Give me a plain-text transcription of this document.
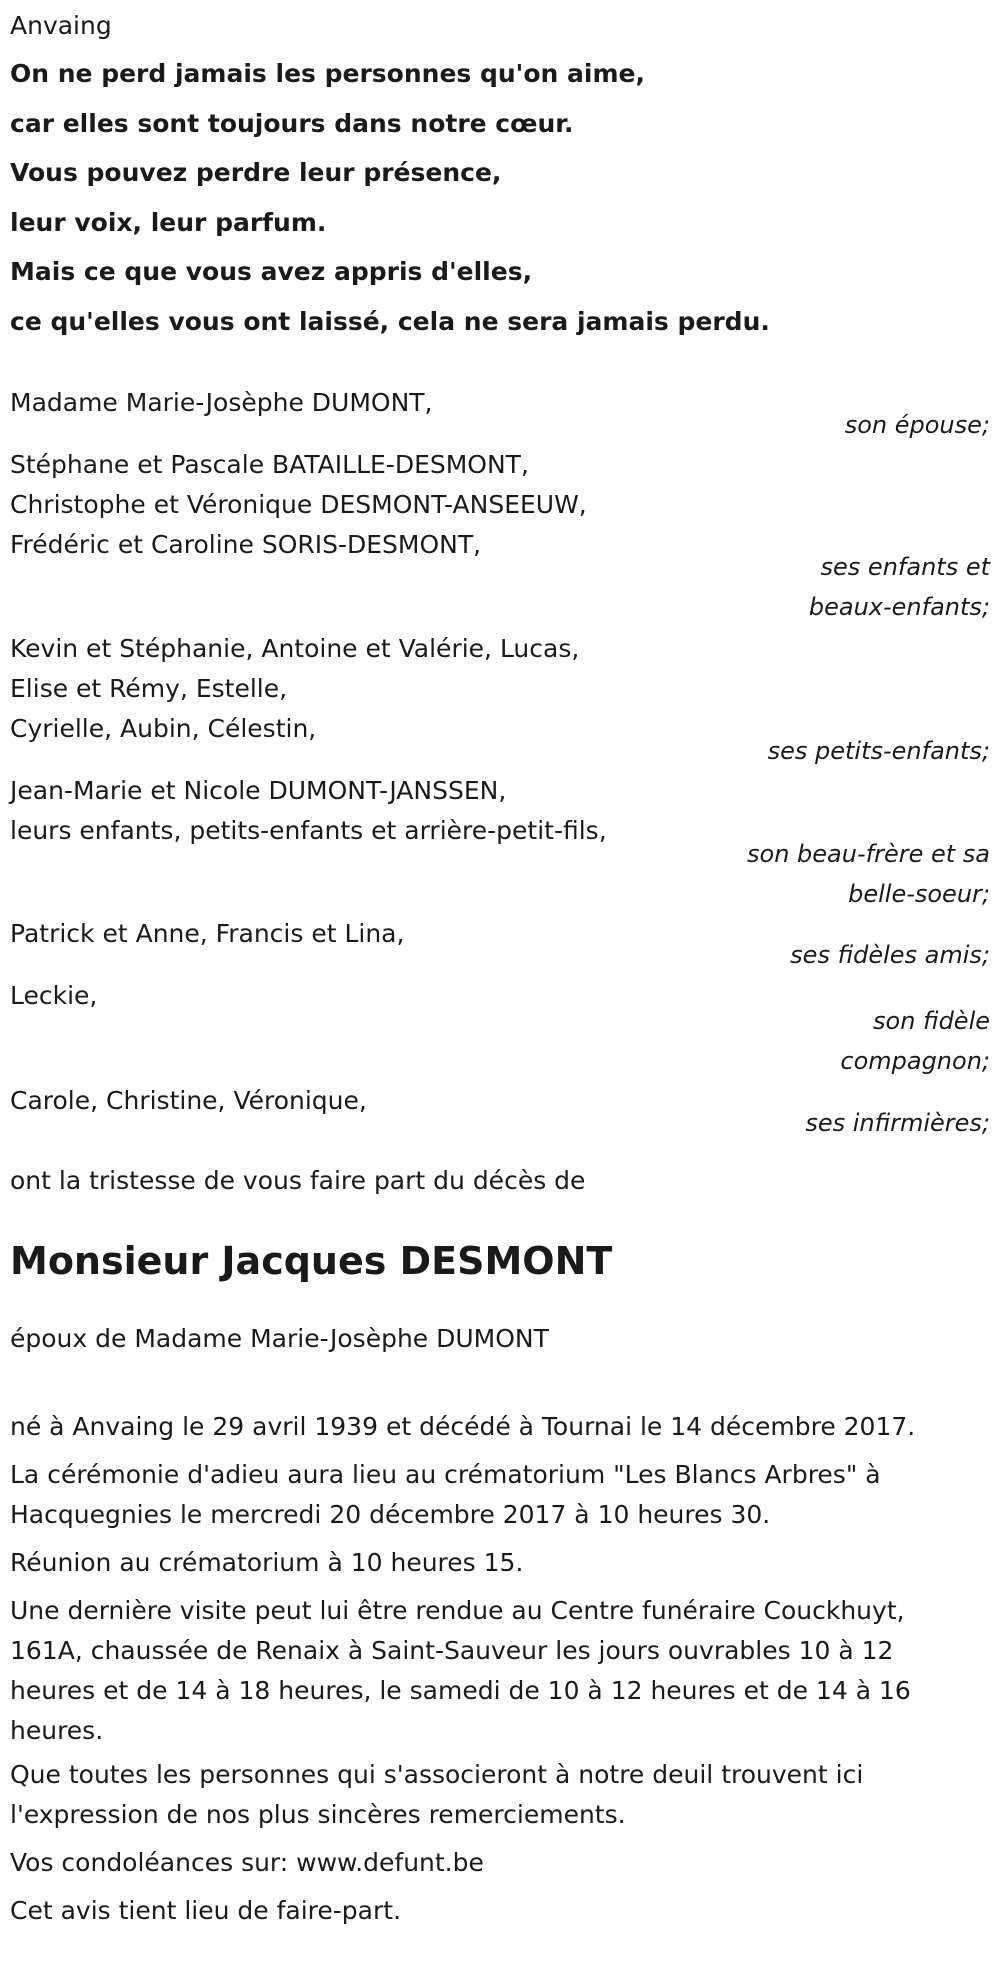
Anvaing
On ne perd jamais les personnes qu'on aime,
car elles sont toujours dans notre cœur.
Vous pouvez perdre leur présence,
leur voix, leur parfum.
Mais ce que vous avez appris d'elles,
ce qu'elles vous ont laissé, cela ne sera jamais perdu.
Madame Marie-Josèphe DUMONT,
son épouse;
Stéphane et Pascale BATAILLE-DESMONT,
Christophe et Véronique DESMONT-ANSEEUW,
Frédéric et Caroline SORIS-DESMONT,
ses enfants et
beaux-enfants;
Kevin et Stéphanie, Antoine et Valérie, Lucas,
Elise et Rémy, Estelle,
Cyrielle, Aubin, Célestin,
ses petits-enfants;
Jean-Marie et Nicole DUMONT-JANSSEN,
leurs enfants, petits-enfants et arrière-petit-fils,
son beau-frère et sa
belle-soeur;
Patrick et Anne, Francis et Lina,
ses fidèles amis;
Leckie,
son fidèle
compagnon;
Carole, Christine, Véronique,
ses infirmières;
ont la tristesse de vous faire part du décès de
Monsieur Jacques DESMONT
époux de Madame Marie-Josèphe DUMONT
né à Anvaing le 29 avril 1939 et décédé à Tournai le 14 décembre 2017.
La cérémonie d'adieu aura lieu au crématorium "Les Blancs Arbres" à Hacquegnies le mercredi 20 décembre 2017 à 10 heures 30.
Réunion au crématorium à 10 heures 15.
Une dernière visite peut lui être rendue au Centre funéraire Couckhuyt, 161A, chaussée de Renaix à Saint-Sauveur les jours ouvrables 10 à 12 heures et de 14 à 18 heures, le samedi de 10 à 12 heures et de 14 à 16 heures.
Que toutes les personnes qui s'associeront à notre deuil trouvent ici l'expression de nos plus sincères remerciements.
Vos condoléances sur: www.defunt.be
Cet avis tient lieu de faire-part.
